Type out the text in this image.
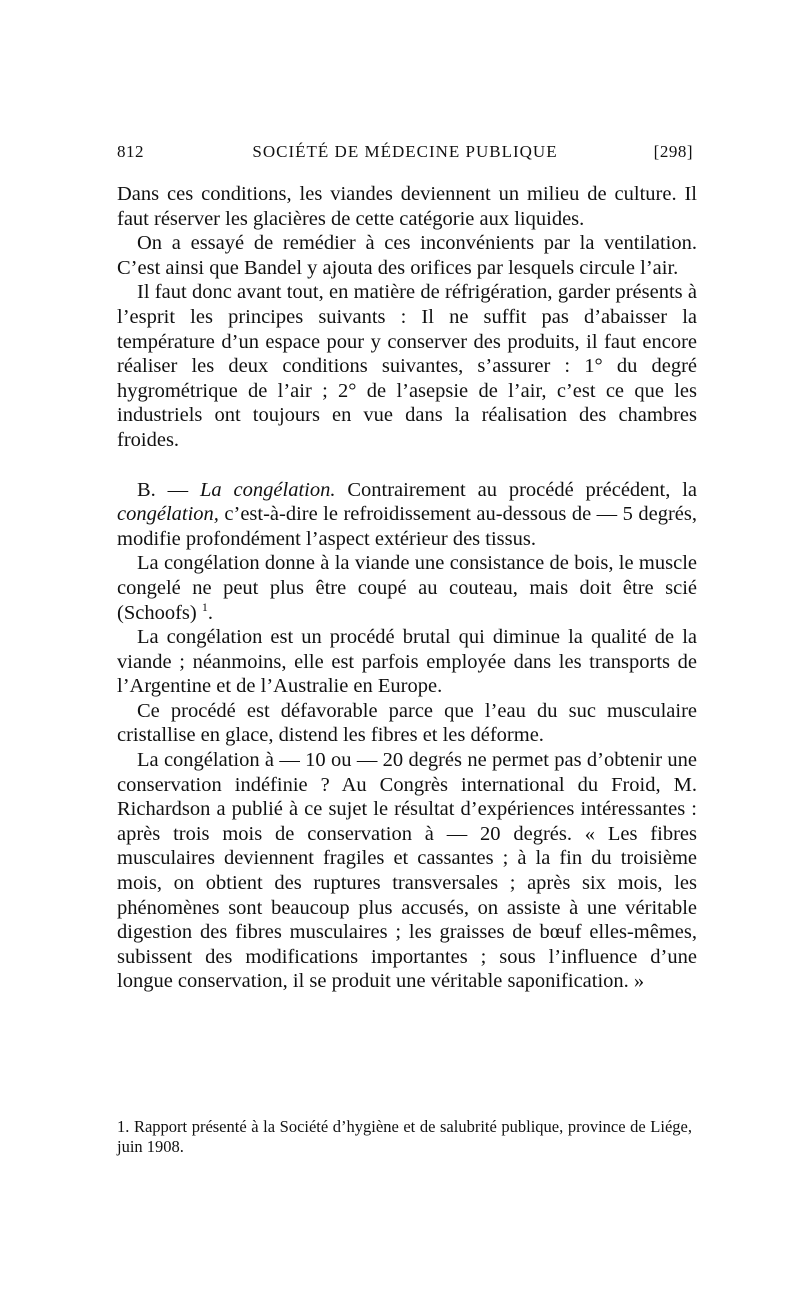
812	SOCIÉTÉ DE MÉDECINE PUBLIQUE	[298]

Dans ces conditions, les viandes deviennent un milieu de culture. Il faut réserver les glacières de cette catégorie aux liquides.

On a essayé de remédier à ces inconvénients par la ventilation. C’est ainsi que Bandel y ajouta des orifices par lesquels circule l’air.

Il faut donc avant tout, en matière de réfrigération, garder présents à l’esprit les principes suivants : Il ne suffit pas d’abaisser la température d’un espace pour y conserver des produits, il faut encore réaliser les deux conditions suivantes, s’assurer : 1° du degré hygrométrique de l’air ; 2° de l’asepsie de l’air, c’est ce que les industriels ont toujours en vue dans la réalisation des chambres froides.

B. — La congélation. Contrairement au procédé précédent, la congélation, c’est-à-dire le refroidissement au-dessous de — 5 degrés, modifie profondément l’aspect extérieur des tissus.

La congélation donne à la viande une consistance de bois, le muscle congelé ne peut plus être coupé au couteau, mais doit être scié (Schoofs) $^1$.

La congélation est un procédé brutal qui diminue la qualité de la viande ; néanmoins, elle est parfois employée dans les transports de l’Argentine et de l’Australie en Europe.

Ce procédé est défavorable parce que l’eau du suc musculaire cristallise en glace, distend les fibres et les déforme.

La congélation à — 10 ou — 20 degrés ne permet pas d’obtenir une conservation indéfinie ? Au Congrès international du Froid, M. Richardson a publié à ce sujet le résultat d’expériences intéressantes : après trois mois de conservation à — 20 degrés. « Les fibres musculaires deviennent fragiles et cassantes ; à la fin du troisième mois, on obtient des ruptures transversales ; après six mois, les phénomènes sont beaucoup plus accusés, on assiste à une véritable digestion des fibres musculaires ; les graisses de bœuf elles-mêmes, subissent des modifications importantes ; sous l’influence d’une longue conservation, il se produit une véritable saponification. »

1. Rapport présenté à la Société d’hygiène et de salubrité publique, province de Liége, juin 1908.
